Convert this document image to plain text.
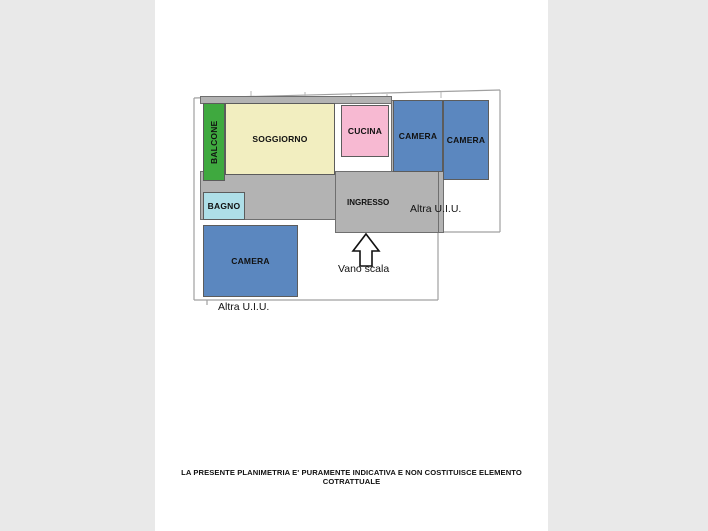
BALCONE	SOGGIORNO
CUCINA CAMERA CAMERA
BAGNO
CAMERA
INGRESSO
Altra U.I.U.
Altra U.I.U.
Vano scala
LA PRESENTE PLANIMETRIA E' PURAMENTE INDICATIVA E NON COSTITUISCE ELEMENTO COTRATTUALE
